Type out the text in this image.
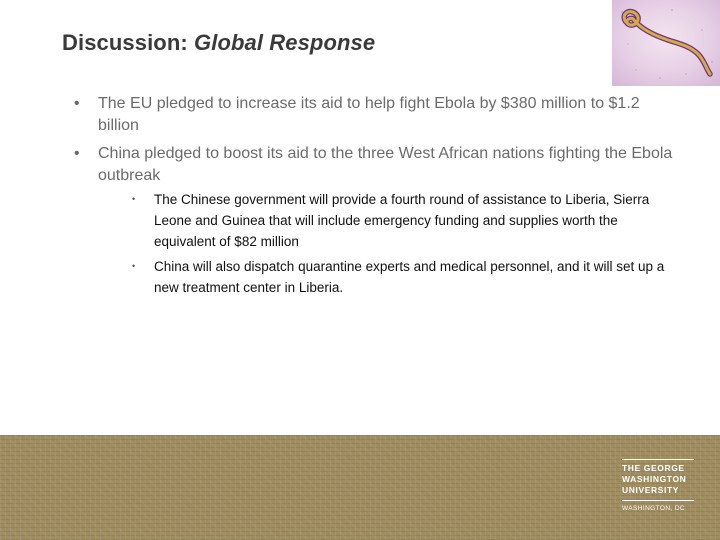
Discussion: Global Response
•	The EU pledged to increase its aid to help fight Ebola by $380 million to $1.2 billion
•	China pledged to boost its aid to the three West African nations fighting the Ebola outbreak
•	The Chinese government will provide a fourth round of assistance to Liberia, Sierra Leone and Guinea that will include emergency funding and supplies worth the equivalent of $82 million
•	China will also dispatch quarantine experts and medical personnel, and it will set up a new treatment center in Liberia.
THE GEORGE
WASHINGTON
UNIVERSITY
WASHINGTON, DC
